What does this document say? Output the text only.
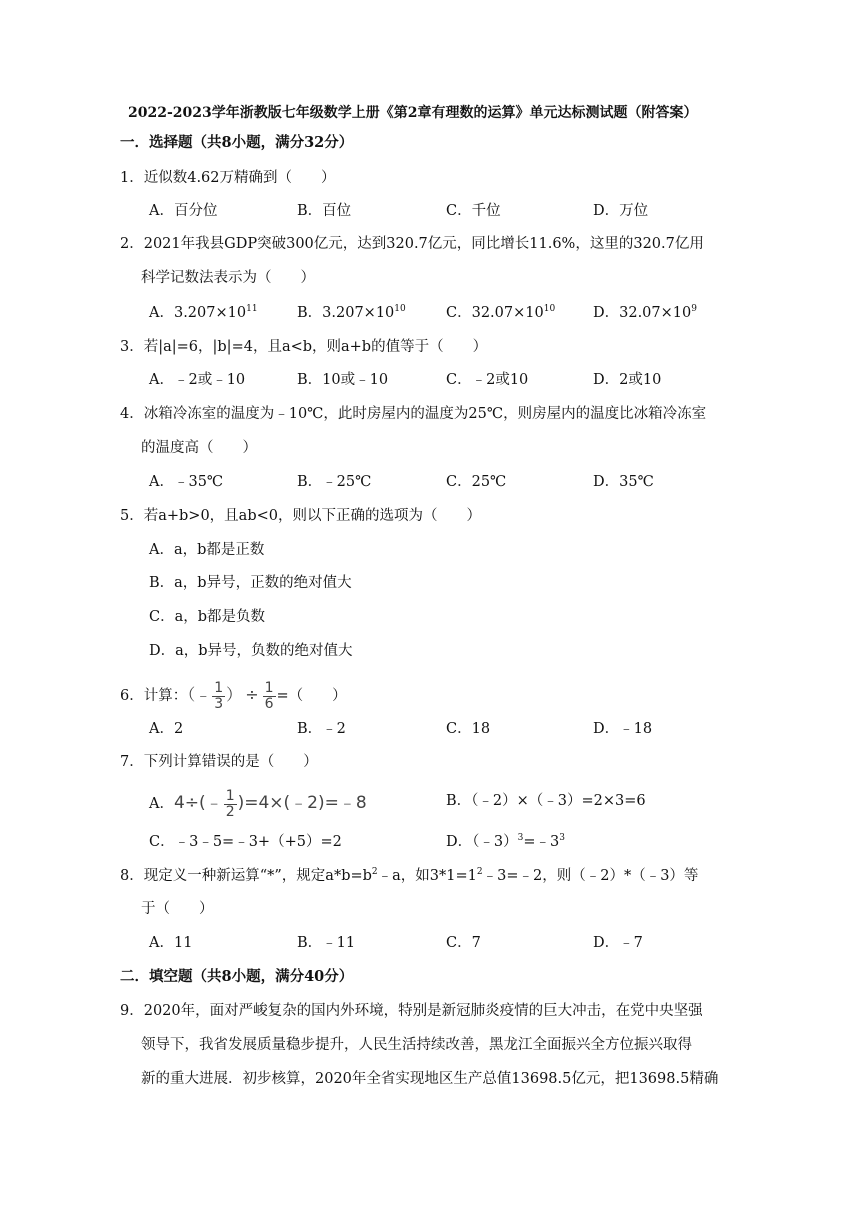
2022-2023学年浙教版七年级数学上册《第2章有理数的运算》单元达标测试题（附答案）
一．选择题（共8小题，满分32分）
1．近似数4.62万精确到（　　）
A．百分位	B．百位	C．千位	D．万位
2．2021年我县GDP突破300亿元，达到320.7亿元，同比增长11.6%，这里的320.7亿用
科学记数法表示为（　　）
A．$3.207\times 10^{11}$	B．$3.207\times 10^{10}$	C．$32.07\times 10^{10}$	D．$32.07\times 10^9$
3．若|a|=6，|b|=4，且a<b，则a+b的值等于（　　）
A．﹣2或﹣10	B．10或﹣10	C．﹣2或10	D．2或10
4．冰箱冷冻室的温度为﹣10℃，此时房屋内的温度为25℃，则房屋内的温度比冰箱冷冻室
的温度高（　　）
A．﹣35℃	B．﹣25℃	C．25℃	D．35℃
5．若a+b>0，且ab<0，则以下正确的选项为（　　）
A．a，b都是正数
B．a，b异号，正数的绝对值大
C．a，b都是负数
D．a，b异号，负数的绝对值大
6．计算：（﹣ $\frac{1}{3}$ ） ÷ $\frac{1}{6}$ =（　　）
A．2	B．﹣2	C．18	D．﹣18
7．下列计算错误的是（　　）
A．4÷(﹣ $\frac{1}{2}$ )=4×(﹣2)=﹣8	B．（﹣2）×（﹣3）=2×3=6
C．﹣3﹣5=﹣3+（+5）=2	D．$(﹣3)^3=﹣3^3$
8．现定义一种新运算“*”，规定$a*b=b^2﹣a$，如$3*1=1^2﹣3=﹣2$，则（﹣2）*（﹣3）等
于（　　）
A．11	B．﹣11	C．7	D．﹣7
二．填空题（共8小题，满分40分）
9．2020年，面对严峻复杂的国内外环境，特别是新冠肺炎疫情的巨大冲击，在党中央坚强
领导下，我省发展质量稳步提升，人民生活持续改善，黑龙江全面振兴全方位振兴取得
新的重大进展．初步核算，2020年全省实现地区生产总值13698.5亿元，把13698.5精确
